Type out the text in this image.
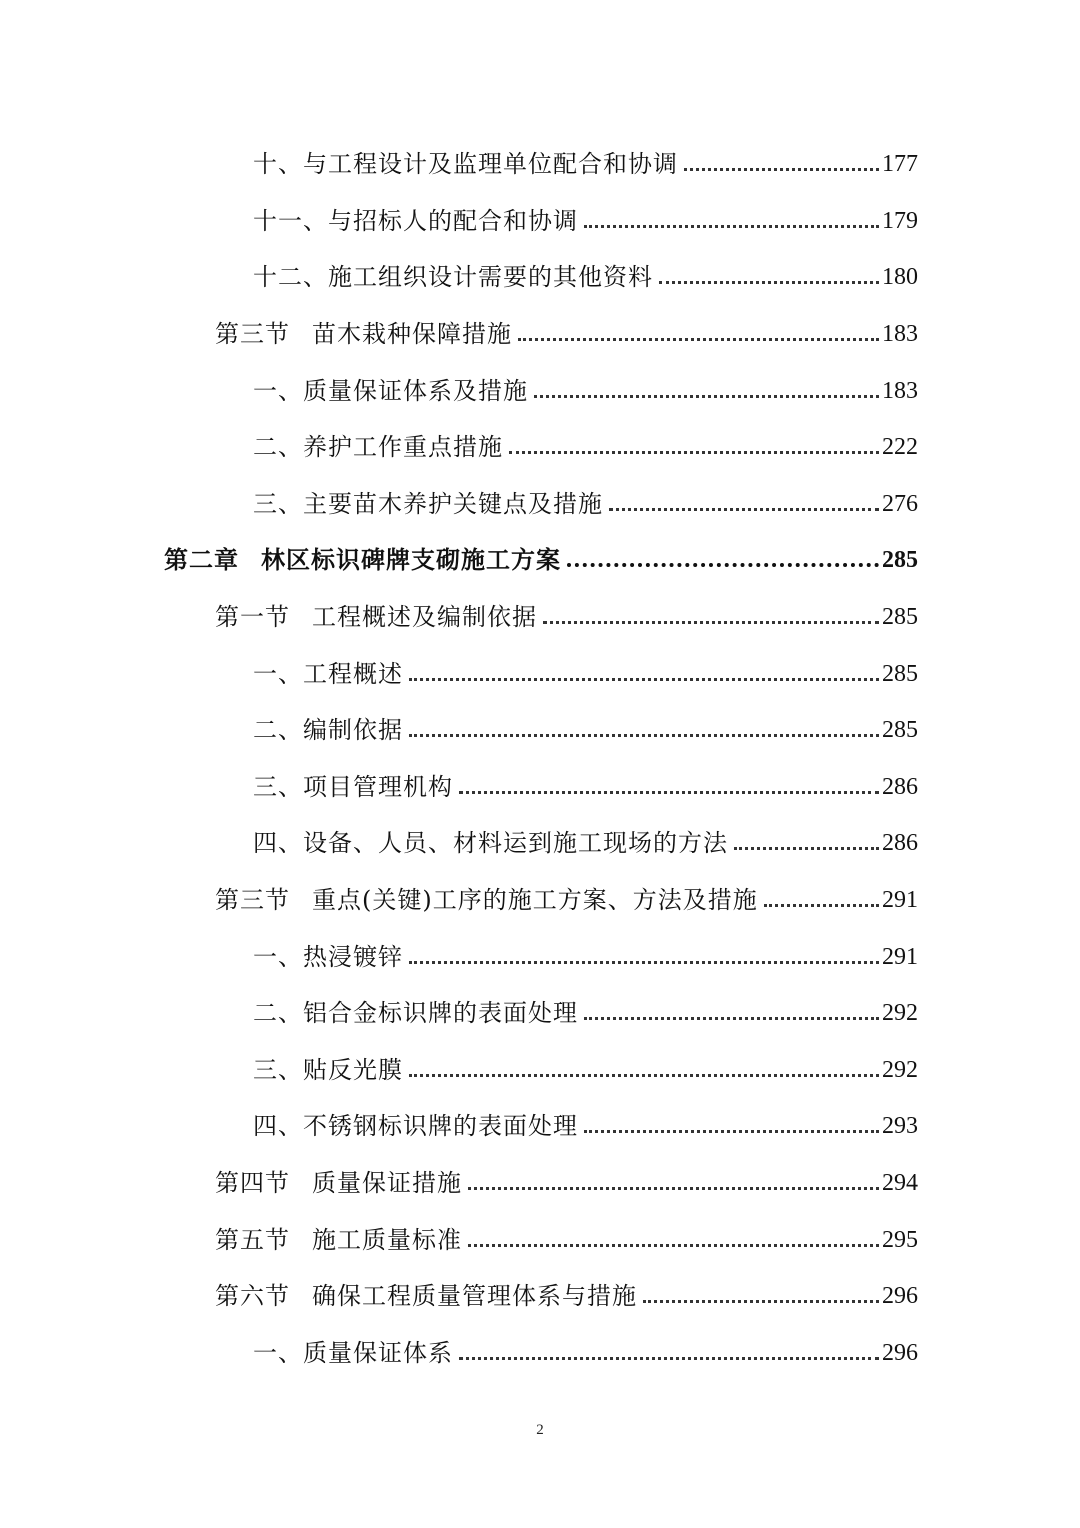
十、与工程设计及监理单位配合和协调	177
十一、与招标人的配合和协调	179
十二、施工组织设计需要的其他资料	180
第三节 苗木栽种保障措施	183
一、质量保证体系及措施	183
二、养护工作重点措施	222
三、主要苗木养护关键点及措施	276
第二章 林区标识碑牌支砌施工方案	285
第一节 工程概述及编制依据	285
一、工程概述	285
二、编制依据	285
三、项目管理机构	286
四、设备、人员、材料运到施工现场的方法	286
第三节 重点(关键)工序的施工方案、方法及措施	291
一、热浸镀锌	291
二、铝合金标识牌的表面处理	292
三、贴反光膜	292
四、不锈钢标识牌的表面处理	293
第四节 质量保证措施	294
第五节 施工质量标准	295
第六节 确保工程质量管理体系与措施	296
一、质量保证体系	296
2
